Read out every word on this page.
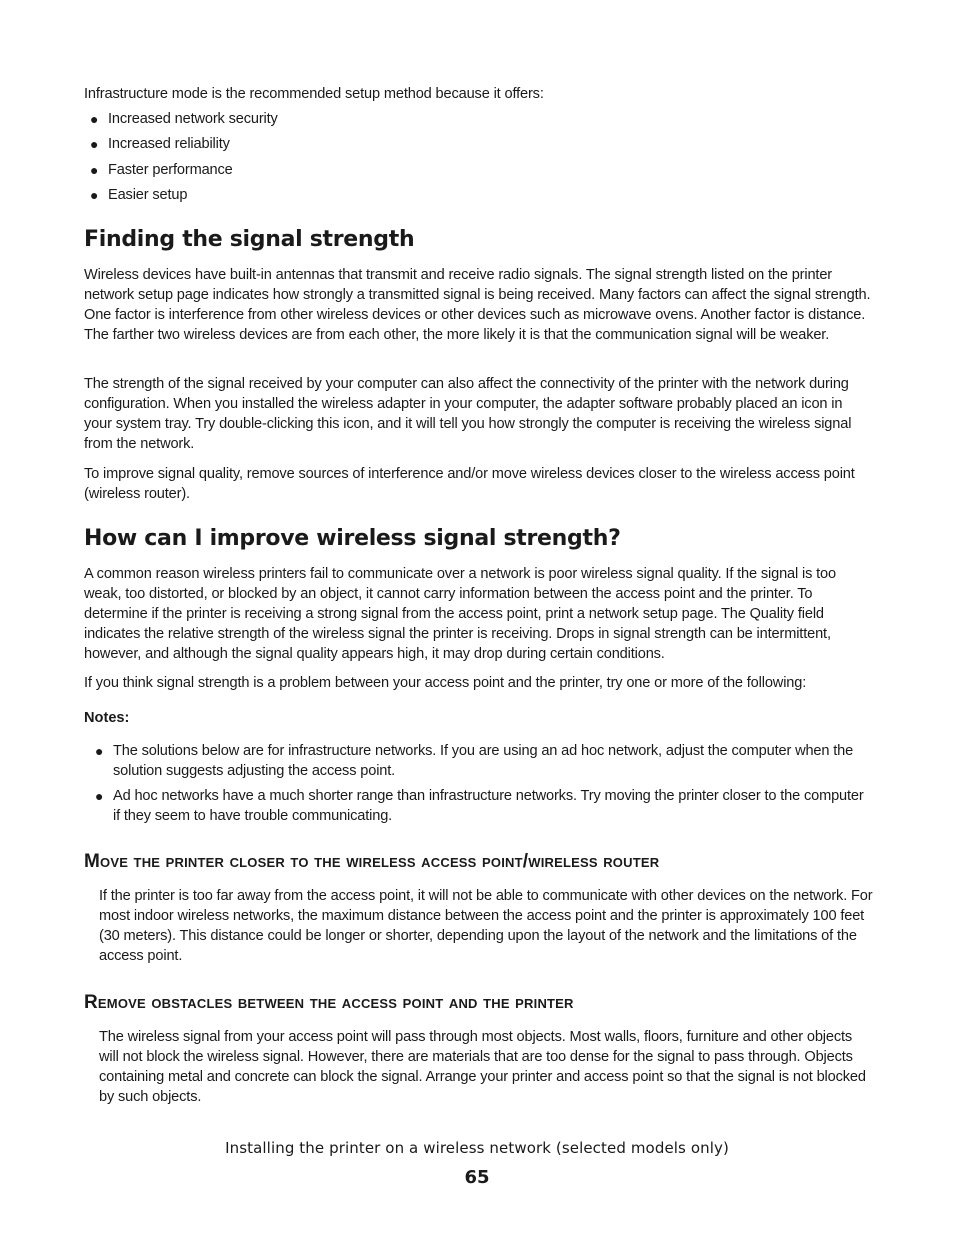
Infrastructure mode is the recommended setup method because it offers:

● Increased network security
● Increased reliability
● Faster performance
● Easier setup
Finding the signal strength

Wireless devices have built-in antennas that transmit and receive radio signals. The signal strength listed on the printer network setup page indicates how strongly a transmitted signal is being received. Many factors can affect the signal strength. One factor is interference from other wireless devices or other devices such as microwave ovens. Another factor is distance. The farther two wireless devices are from each other, the more likely it is that the communication signal will be weaker.

The strength of the signal received by your computer can also affect the connectivity of the printer with the network during configuration. When you installed the wireless adapter in your computer, the adapter software probably placed an icon in your system tray. Try double-clicking this icon, and it will tell you how strongly the computer is receiving the wireless signal from the network.

To improve signal quality, remove sources of interference and/or move wireless devices closer to the wireless access point (wireless router).

How can I improve wireless signal strength?

A common reason wireless printers fail to communicate over a network is poor wireless signal quality. If the signal is too weak, too distorted, or blocked by an object, it cannot carry information between the access point and the printer. To determine if the printer is receiving a strong signal from the access point, print a network setup page. The Quality field indicates the relative strength of the wireless signal the printer is receiving. Drops in signal strength can be intermittent, however, and although the signal quality appears high, it may drop during certain conditions.

If you think signal strength is a problem between your access point and the printer, try one or more of the following:

Notes:

● The solutions below are for infrastructure networks. If you are using an ad hoc network, adjust the computer when the solution suggests adjusting the access point.
● Ad hoc networks have a much shorter range than infrastructure networks. Try moving the printer closer to the computer if they seem to have trouble communicating.
Move the printer closer to the wireless access point/wireless router

If the printer is too far away from the access point, it will not be able to communicate with other devices on the network. For most indoor wireless networks, the maximum distance between the access point and the printer is approximately 100 feet (30 meters). This distance could be longer or shorter, depending upon the layout of the network and the limitations of the access point.

Remove obstacles between the access point and the printer

The wireless signal from your access point will pass through most objects. Most walls, floors, furniture and other objects will not block the wireless signal. However, there are materials that are too dense for the signal to pass through. Objects containing metal and concrete can block the signal. Arrange your printer and access point so that the signal is not blocked by such objects.

Installing the printer on a wireless network (selected models only)
65
